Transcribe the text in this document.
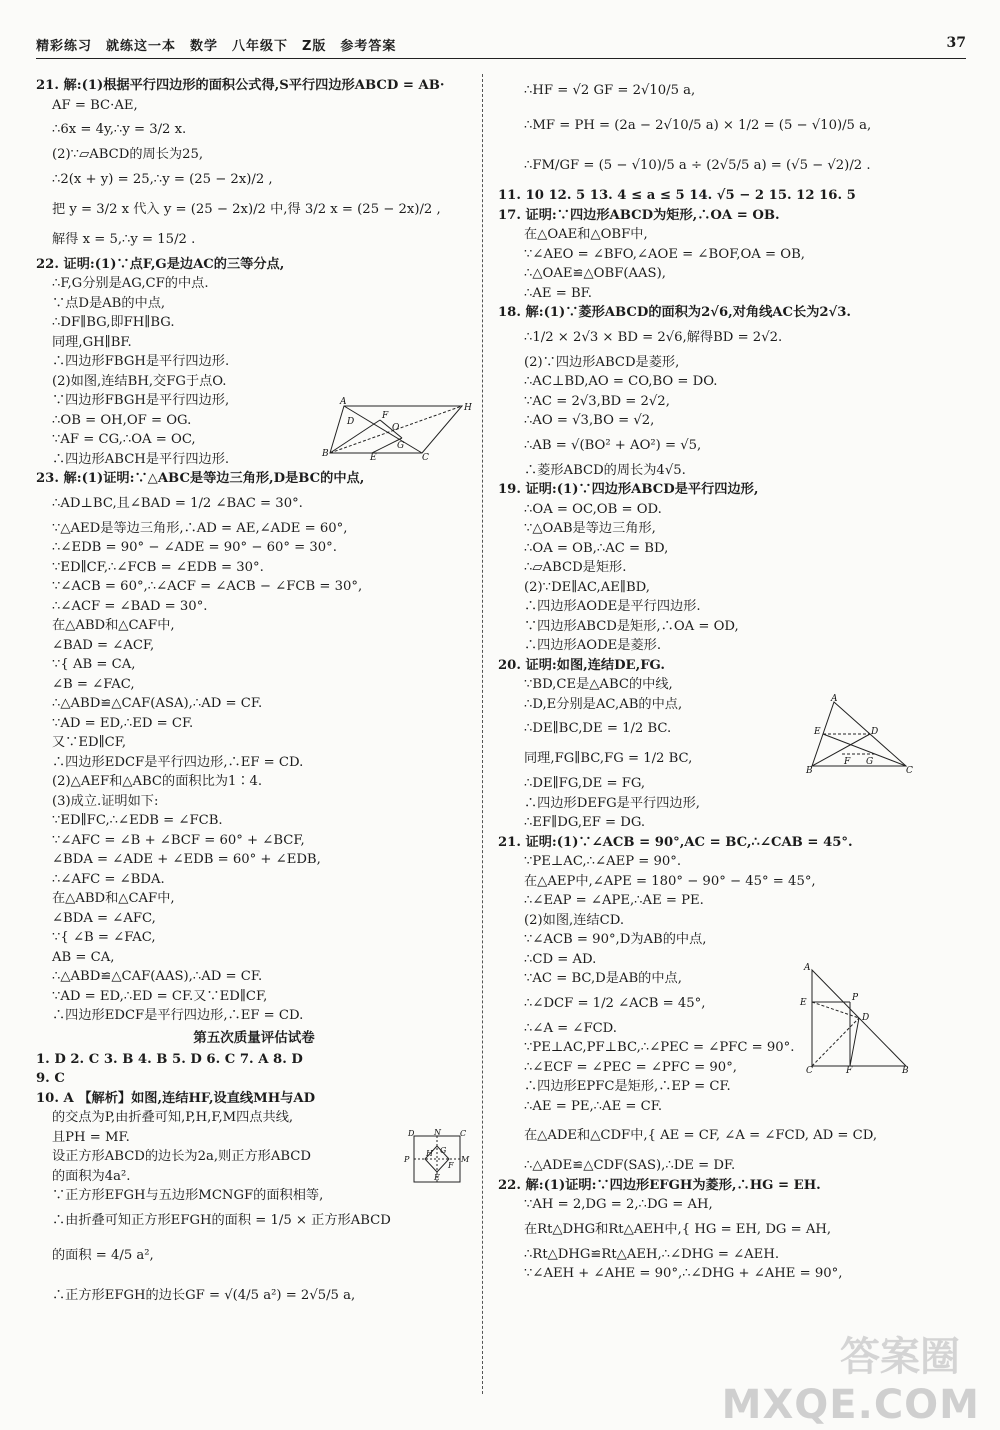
精彩练习　就练这一本　数学　八年级下　Z版　参考答案	37
21. 解:(1)根据平行四边形的面积公式得,S平行四边形ABCD = AB·
AF = BC·AE,
∴6x = 4y,∴y = 3/2 x.
(2)∵▱ABCD的周长为25,
∴2(x + y) = 25,∴y = (25 − 2x)/2 ,
把 y = 3/2 x 代入 y = (25 − 2x)/2 中,得 3/2 x = (25 − 2x)/2 ,
解得 x = 5,∴y = 15/2 .
22. 证明:(1)∵点F,G是边AC的三等分点,
∴F,G分别是AG,CF的中点.
∵点D是AB的中点,
∴DF∥BG,即FH∥BG.
同理,GH∥BF.
∴四边形FBGH是平行四边形.
(2)如图,连结BH,交FG于点O.
∵四边形FBGH是平行四边形,
∴OB = OH,OF = OG.
∵AF = CG,∴OA = OC,
∴四边形ABCH是平行四边形.
23. 解:(1)证明:∵△ABC是等边三角形,D是BC的中点,
∴AD⊥BC,且∠BAD = 1/2 ∠BAC = 30°.
∵△AED是等边三角形,∴AD = AE,∠ADE = 60°,
∴∠EDB = 90° − ∠ADE = 90° − 60° = 30°.
∵ED∥CF,∴∠FCB = ∠EDB = 30°.
∵∠ACB = 60°,∴∠ACF = ∠ACB − ∠FCB = 30°,
∴∠ACF = ∠BAD = 30°.
在△ABD和△CAF中,
∠BAD = ∠ACF,
∵{ AB = CA,
∠B = ∠FAC,
∴△ABD≌△CAF(ASA),∴AD = CF.
∵AD = ED,∴ED = CF.
又∵ED∥CF,
∴四边形EDCF是平行四边形,∴EF = CD.
(2)△AEF和△ABC的面积比为1∶4.
(3)成立.证明如下:
∵ED∥FC,∴∠EDB = ∠FCB.
∵∠AFC = ∠B + ∠BCF = 60° + ∠BCF,
∠BDA = ∠ADE + ∠EDB = 60° + ∠EDB,
∴∠AFC = ∠BDA.
在△ABD和△CAF中,
∠BDA = ∠AFC,
∵{ ∠B = ∠FAC,
AB = CA,
∴△ABD≌△CAF(AAS),∴AD = CF.
∵AD = ED,∴ED = CF.又∵ED∥CF,
∴四边形EDCF是平行四边形,∴EF = CD.
第五次质量评估试卷
1. D 2. C 3. B 4. B 5. D 6. C 7. A 8. D
9. C
10. A 【解析】如图,连结HF,设直线MH与AD
的交点为P,由折叠可知,P,H,F,M四点共线,
且PH = MF.
设正方形ABCD的边长为2a,则正方形ABCD
的面积为4a².
∵正方形EFGH与五边形MCNGF的面积相等,
∴由折叠可知正方形EFGH的面积 = 1/5 × 正方形ABCD
的面积 = 4/5 a²,
∴正方形EFGH的边长GF = √(4/5 a²) = 2√5/5 a,
∴HF = √2 GF = 2√10/5 a,
∴MF = PH = (2a − 2√10/5 a) × 1/2 = (5 − √10)/5 a,
∴FM/GF = (5 − √10)/5 a ÷ (2√5/5 a) = (√5 − √2)/2 .
11. 10 12. 5 13. 4 ≤ a ≤ 5 14. √5 − 2 15. 12 16. 5
17. 证明:∵四边形ABCD为矩形,∴OA = OB.
在△OAE和△OBF中,
∵∠AEO = ∠BFO,∠AOE = ∠BOF,OA = OB,
∴△OAE≌△OBF(AAS),
∴AE = BF.
18. 解:(1)∵菱形ABCD的面积为2√6,对角线AC长为2√3.
∴1/2 × 2√3 × BD = 2√6,解得BD = 2√2.
(2)∵四边形ABCD是菱形,
∴AC⊥BD,AO = CO,BO = DO.
∵AC = 2√3,BD = 2√2,
∴AO = √3,BO = √2,
∴AB = √(BO² + AO²) = √5,
∴菱形ABCD的周长为4√5.
19. 证明:(1)∵四边形ABCD是平行四边形,
∴OA = OC,OB = OD.
∵△OAB是等边三角形,
∴OA = OB,∴AC = BD,
∴▱ABCD是矩形.
(2)∵DE∥AC,AE∥BD,
∴四边形AODE是平行四边形.
∵四边形ABCD是矩形,∴OA = OD,
∴四边形AODE是菱形.
20. 证明:如图,连结DE,FG.
∵BD,CE是△ABC的中线,
∴D,E分别是AC,AB的中点,
∴DE∥BC,DE = 1/2 BC.
同理,FG∥BC,FG = 1/2 BC,
∴DE∥FG,DE = FG,
∴四边形DEFG是平行四边形,
∴EF∥DG,EF = DG.
21. 证明:(1)∵∠ACB = 90°,AC = BC,∴∠CAB = 45°.
∵PE⊥AC,∴∠AEP = 90°.
在△AEP中,∠APE = 180° − 90° − 45° = 45°,
∴∠EAP = ∠APE,∴AE = PE.
(2)如图,连结CD.
∵∠ACB = 90°,D为AB的中点,
∴CD = AD.
∵AC = BC,D是AB的中点,
∴∠DCF = 1/2 ∠ACB = 45°,
∴∠A = ∠FCD.
∵PE⊥AC,PF⊥BC,∴∠PEC = ∠PFC = 90°.
∴∠ECF = ∠PEC = ∠PFC = 90°,
∴四边形EPFC是矩形,∴EP = CF.
∴AE = PE,∴AE = CF.
在△ADE和△CDF中,{ AE = CF, ∠A = ∠FCD, AD = CD,
∴△ADE≌△CDF(SAS),∴DE = DF.
22. 解:(1)证明:∵四边形EFGH为菱形,∴HG = EH.
∵AH = 2,DG = 2,∴DG = AH,
在Rt△DHG和Rt△AEH中,{ HG = EH, DG = AH,
∴Rt△DHG≌Rt△AEH,∴∠DHG = ∠AEH.
∵∠AEH + ∠AHE = 90°,∴∠DHG + ∠AHE = 90°,
A
H
B	C
E
F
G
D
O
D N C
P	M
E
F
H G
A
B	C
D
E
F G
A
E	P
D
C	F	B
答案圈
MXQE.COM
